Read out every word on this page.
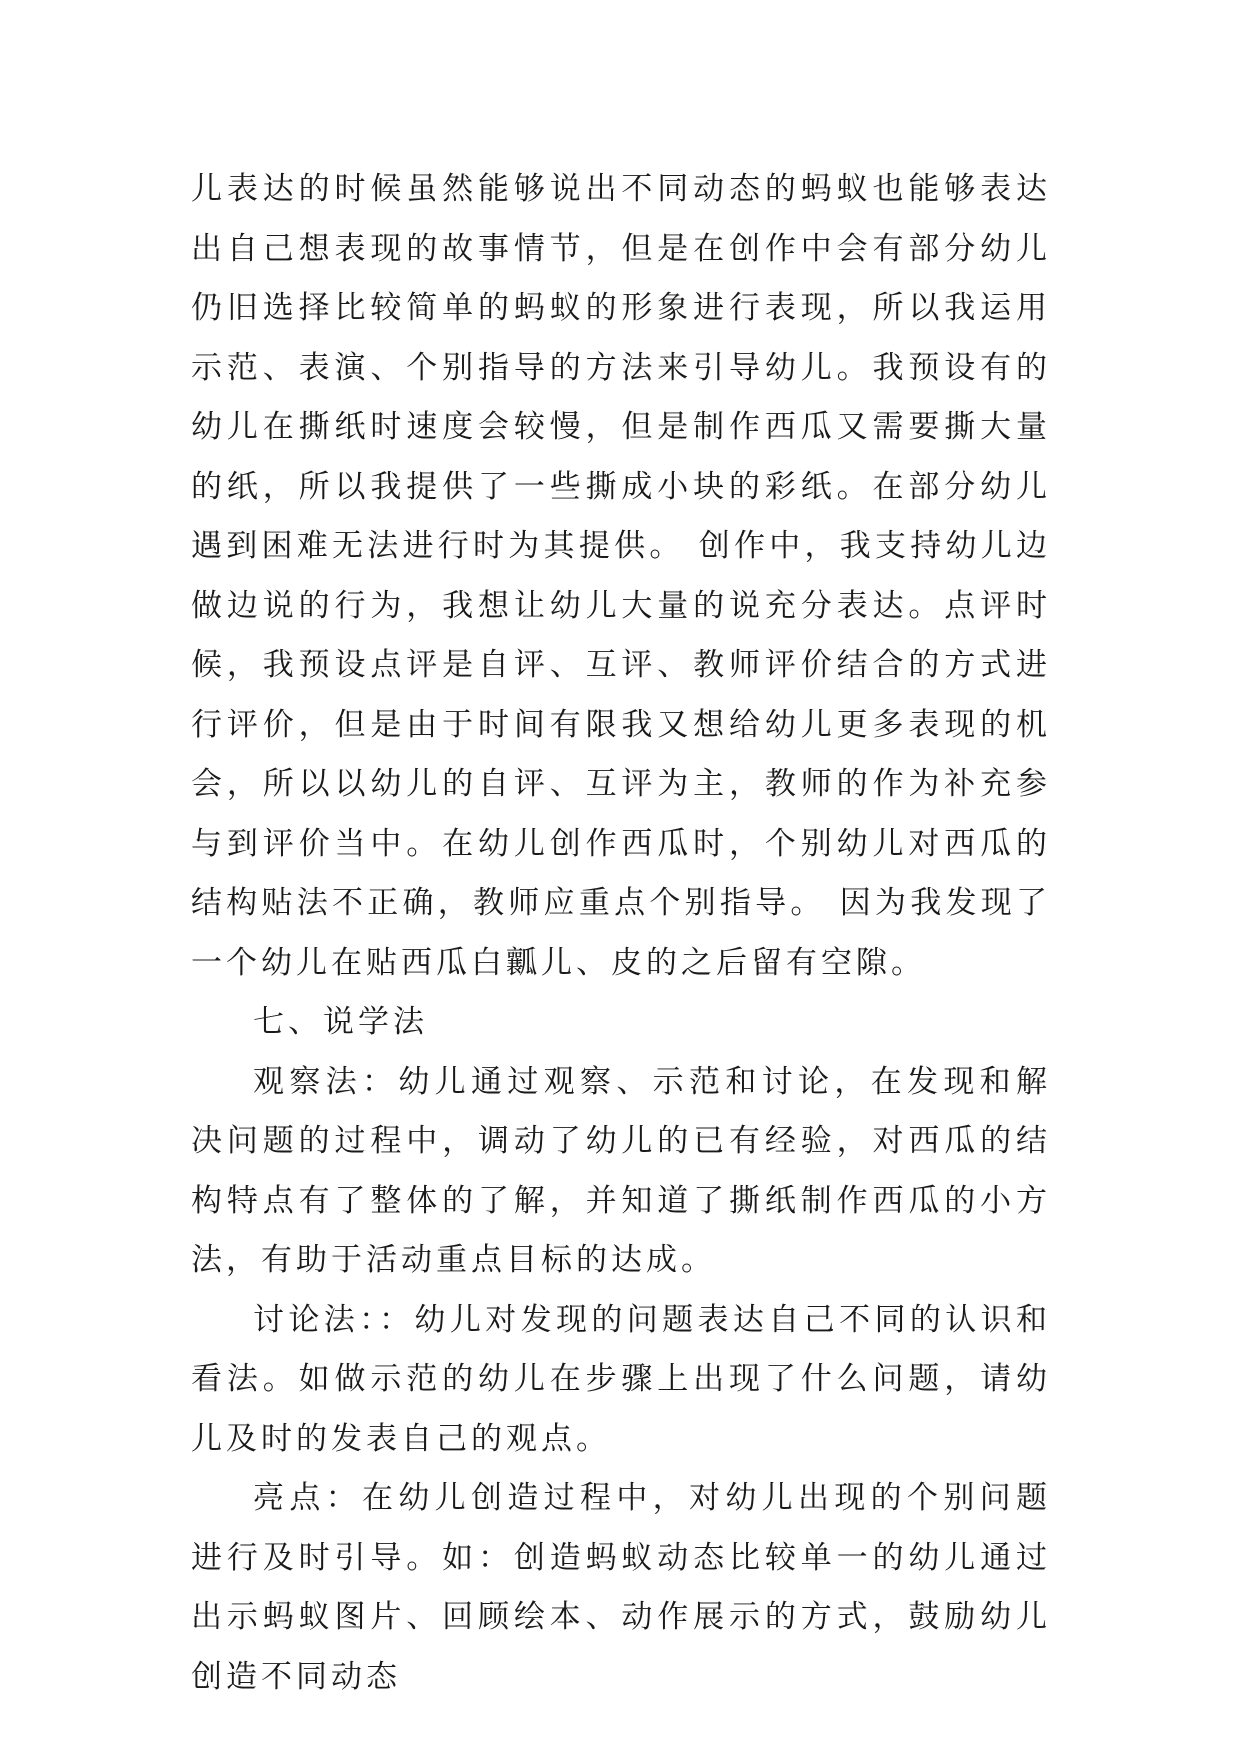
儿表达的时候虽然能够说出不同动态的蚂蚁也能够表达出自己想表现的故事情节，但是在创作中会有部分幼儿仍旧选择比较简单的蚂蚁的形象进行表现，所以我运用示范、表演、个别指导的方法来引导幼儿。我预设有的幼儿在撕纸时速度会较慢，但是制作西瓜又需要撕大量的纸，所以我提供了一些撕成小块的彩纸。在部分幼儿遇到困难无法进行时为其提供。 创作中，我支持幼儿边做边说的行为，我想让幼儿大量的说充分表达。点评时候，我预设点评是自评、互评、教师评价结合的方式进行评价，但是由于时间有限我又想给幼儿更多表现的机会，所以以幼儿的自评、互评为主，教师的作为补充参与到评价当中。在幼儿创作西瓜时，个别幼儿对西瓜的结构贴法不正确，教师应重点个别指导。 因为我发现了一个幼儿在贴西瓜白瓤儿、皮的之后留有空隙。

七、说学法

观察法：幼儿通过观察、示范和讨论，在发现和解决问题的过程中，调动了幼儿的已有经验，对西瓜的结构特点有了整体的了解，并知道了撕纸制作西瓜的小方法，有助于活动重点目标的达成。

讨论法：：幼儿对发现的问题表达自己不同的认识和看法。如做示范的幼儿在步骤上出现了什么问题，请幼儿及时的发表自己的观点。

亮点：在幼儿创造过程中，对幼儿出现的个别问题进行及时引导。如：创造蚂蚁动态比较单一的幼儿通过出示蚂蚁图片、回顾绘本、动作展示的方式，鼓励幼儿创造不同动态
